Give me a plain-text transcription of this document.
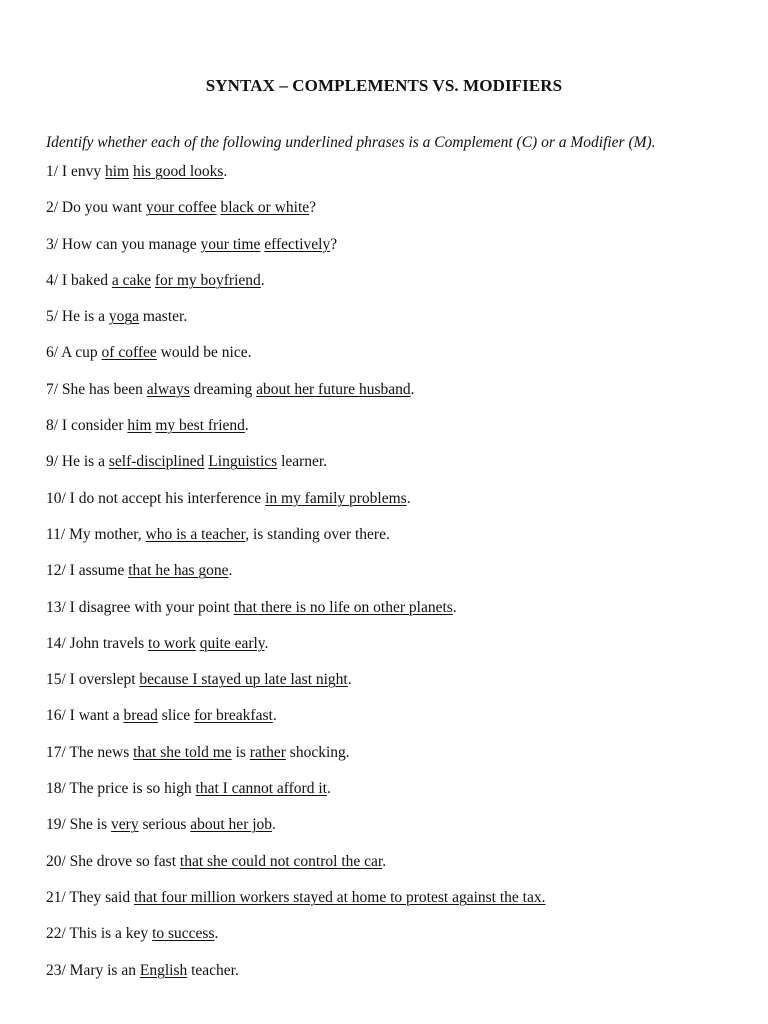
SYNTAX – COMPLEMENTS VS. MODIFIERS
Identify whether each of the following underlined phrases is a Complement (C) or a Modifier (M).
1/ I envy him his good looks.
2/ Do you want your coffee black or white?
3/ How can you manage your time effectively?
4/ I baked a cake for my boyfriend.
5/ He is a yoga master.
6/ A cup of coffee would be nice.
7/ She has been always dreaming about her future husband.
8/ I consider him my best friend.
9/ He is a self-disciplined Linguistics learner.
10/ I do not accept his interference in my family problems.
11/ My mother, who is a teacher, is standing over there.
12/ I assume that he has gone.
13/ I disagree with your point that there is no life on other planets.
14/ John travels to work quite early.
15/ I overslept because I stayed up late last night.
16/ I want a bread slice for breakfast.
17/ The news that she told me is rather shocking.
18/ The price is so high that I cannot afford it.
19/ She is very serious about her job.
20/ She drove so fast that she could not control the car.
21/ They said that four million workers stayed at home to protest against the tax.
22/ This is a key to success.
23/ Mary is an English teacher.
